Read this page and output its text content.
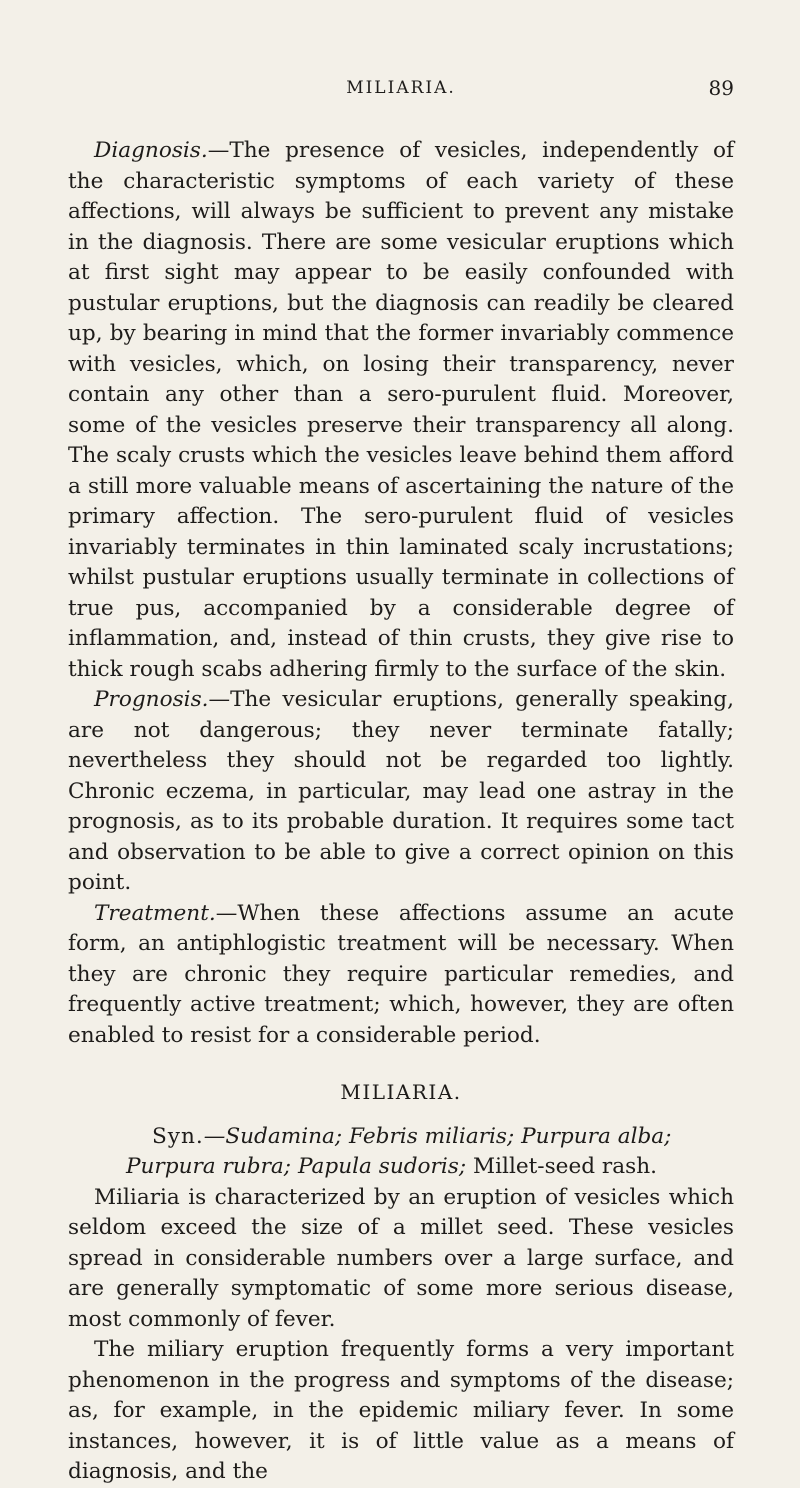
MILIARIA.	89

Diagnosis.—The presence of vesicles, independently of the characteristic symptoms of each variety of these affections, will always be sufficient to prevent any mistake in the diagnosis. There are some vesicular eruptions which at first sight may appear to be easily confounded with pustular eruptions, but the diagnosis can readily be cleared up, by bearing in mind that the former invariably commence with vesicles, which, on losing their transparency, never contain any other than a sero-purulent fluid. Moreover, some of the vesicles preserve their transparency all along. The scaly crusts which the vesicles leave behind them afford a still more valuable means of ascertaining the nature of the primary affection. The sero-purulent fluid of vesicles invariably terminates in thin laminated scaly incrustations; whilst pustular eruptions usually terminate in collections of true pus, accompanied by a considerable degree of inflammation, and, instead of thin crusts, they give rise to thick rough scabs adhering firmly to the surface of the skin.

Prognosis.—The vesicular eruptions, generally speaking, are not dangerous; they never terminate fatally; nevertheless they should not be regarded too lightly. Chronic eczema, in particular, may lead one astray in the prognosis, as to its probable duration. It requires some tact and observation to be able to give a correct opinion on this point.

Treatment.—When these affections assume an acute form, an antiphlogistic treatment will be necessary. When they are chronic they require particular remedies, and frequently active treatment; which, however, they are often enabled to resist for a considerable period.

MILIARIA.

Syn.—Sudamina; Febris miliaris; Purpura alba; Purpura rubra; Papula sudoris; Millet-seed rash.

Miliaria is characterized by an eruption of vesicles which seldom exceed the size of a millet seed. These vesicles spread in considerable numbers over a large surface, and are generally symptomatic of some more serious disease, most commonly of fever.

The miliary eruption frequently forms a very important phenomenon in the progress and symptoms of the disease; as, for example, in the epidemic miliary fever. In some instances, however, it is of little value as a means of diagnosis, and the
